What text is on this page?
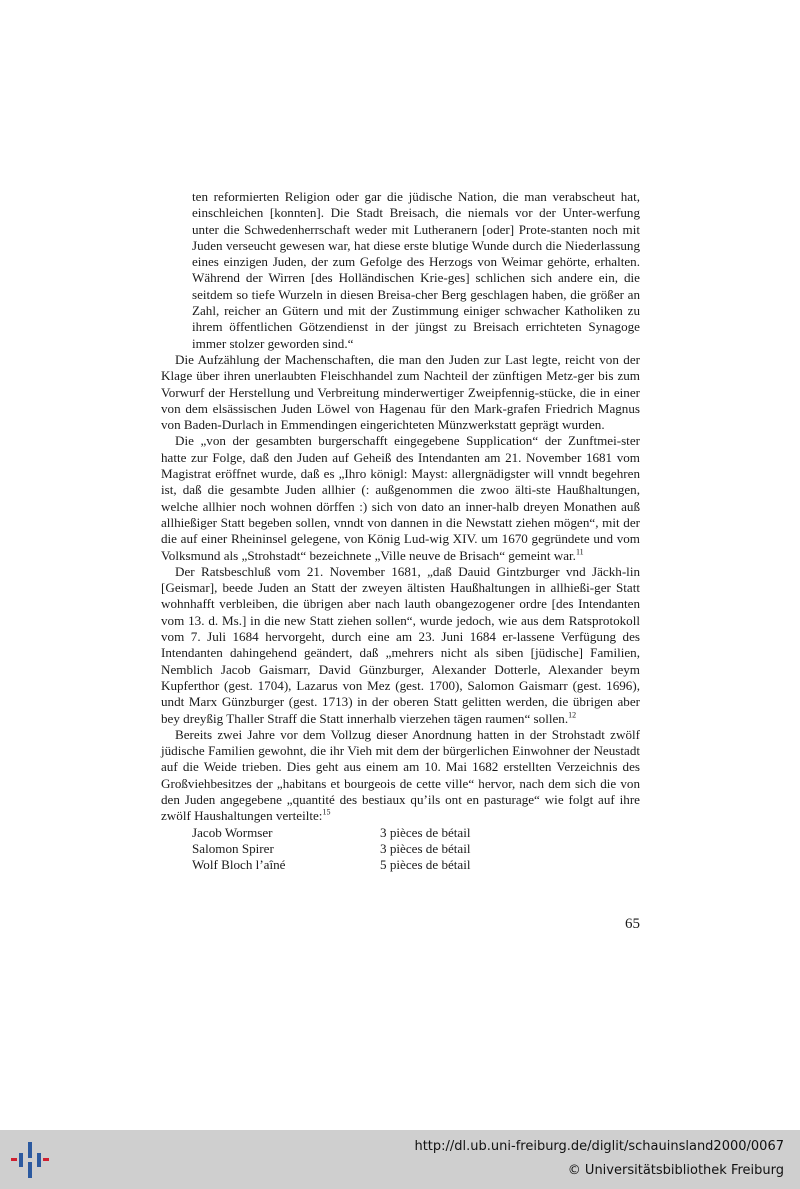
ten reformierten Religion oder gar die jüdische Nation, die man verabscheut hat, einschleichen [konnten]. Die Stadt Breisach, die niemals vor der Unter-werfung unter die Schwedenherrschaft weder mit Lutheranern [oder] Prote-stanten noch mit Juden verseucht gewesen war, hat diese erste blutige Wunde durch die Niederlassung eines einzigen Juden, der zum Gefolge des Herzogs von Weimar gehörte, erhalten. Während der Wirren [des Holländischen Krie-ges] schlichen sich andere ein, die seitdem so tiefe Wurzeln in diesen Breisa-cher Berg geschlagen haben, die größer an Zahl, reicher an Gütern und mit der Zustimmung einiger schwacher Katholiken zu ihrem öffentlichen Götzendienst in der jüngst zu Breisach errichteten Synagoge immer stolzer geworden sind.“

Die Aufzählung der Machenschaften, die man den Juden zur Last legte, reicht von der Klage über ihren unerlaubten Fleischhandel zum Nachteil der zünftigen Metz-ger bis zum Vorwurf der Herstellung und Verbreitung minderwertiger Zweipfennig-stücke, die in einer von dem elsässischen Juden Löwel von Hagenau für den Mark-grafen Friedrich Magnus von Baden-Durlach in Emmendingen eingerichteten Münzwerkstatt geprägt wurden.

Die „von der gesambten burgerschafft eingegebene Supplication“ der Zunftmei-ster hatte zur Folge, daß den Juden auf Geheiß des Intendanten am 21. November 1681 vom Magistrat eröffnet wurde, daß es „Ihro königl: Mayst: allergnädigster will vnndt begehren ist, daß die gesambte Juden allhier (: außgenommen die zwoo älti-ste Haußhaltungen, welche allhier noch wohnen dörffen :) sich von dato an inner-halb dreyen Monathen auß allhießiger Statt begeben sollen, vnndt von dannen in die Newstatt ziehen mögen“, mit der die auf einer Rheininsel gelegene, von König Lud-wig XIV. um 1670 gegründete und vom Volksmund als „Strohstadt“ bezeichnete „Ville neuve de Brisach“ gemeint war.$^{11}$

Der Ratsbeschluß vom 21. November 1681, „daß Dauid Gintzburger vnd Jäckh-lin [Geismar], beede Juden an Statt der zweyen ältisten Haußhaltungen in allhießi-ger Statt wohnhafft verbleiben, die übrigen aber nach lauth obangezogener ordre [des Intendanten vom 13. d. Ms.] in die new Statt ziehen sollen“, wurde jedoch, wie aus dem Ratsprotokoll vom 7. Juli 1684 hervorgeht, durch eine am 23. Juni 1684 er-lassene Verfügung des Intendanten dahingehend geändert, daß „mehrers nicht als siben [jüdische] Familien, Nemblich Jacob Gaismarr, David Günzburger, Alexander Dotterle, Alexander beym Kupferthor (gest. 1704), Lazarus von Mez (gest. 1700), Salomon Gaismarr (gest. 1696), undt Marx Günzburger (gest. 1713) in der oberen Statt gelitten werden, die übrigen aber bey dreyßig Thaller Straff die Statt innerhalb vierzehen tägen raumen“ sollen.$^{12}$

Bereits zwei Jahre vor dem Vollzug dieser Anordnung hatten in der Strohstadt zwölf jüdische Familien gewohnt, die ihr Vieh mit dem der bürgerlichen Einwohner der Neustadt auf die Weide trieben. Dies geht aus einem am 10. Mai 1682 erstellten Verzeichnis des Großviehbesitzes der „habitans et bourgeois de cette ville“ hervor, nach dem sich die von den Juden angegebene „quantité des bestiaux qu’ils ont en pasturage“ wie folgt auf ihre zwölf Haushaltungen verteilte:$^{15}$

Jacob Wormser	3 pièces de bétail
Salomon Spirer	3 pièces de bétail
Wolf Bloch l’aîné	5 pièces de bétail
65
http://dl.ub.uni-freiburg.de/diglit/schauinsland2000/0067
© Universitätsbibliothek Freiburg
